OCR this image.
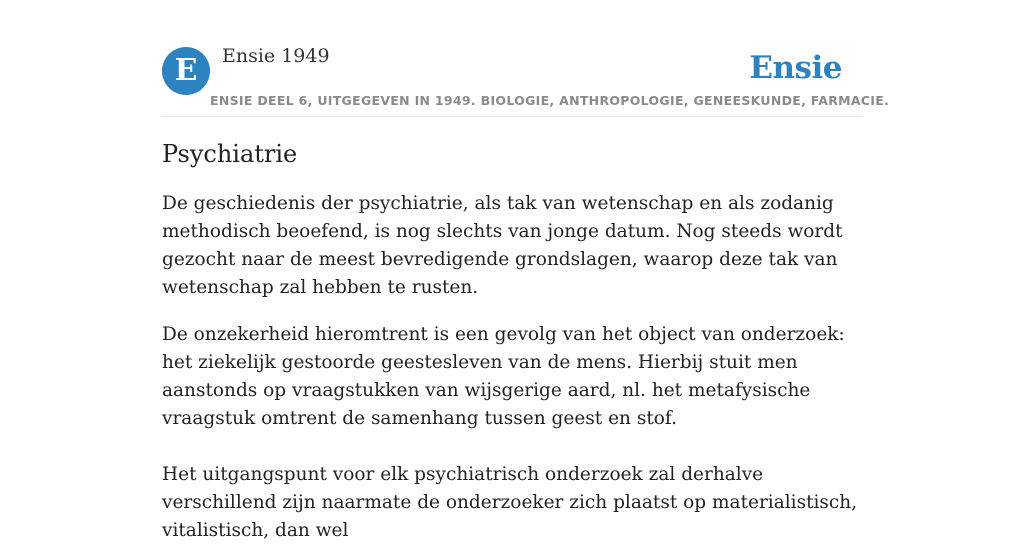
E	Ensie 1949	Ensie
ENSIE DEEL 6, UITGEGEVEN IN 1949. BIOLOGIE, ANTHROPOLOGIE, GENEESKUNDE, FARMACIE.
Psychiatrie

De geschiedenis der psychiatrie, als tak van wetenschap en als zodanig methodisch beoefend, is nog slechts van jonge datum. Nog steeds wordt gezocht naar de meest bevredigende grondslagen, waarop deze tak van wetenschap zal hebben te rusten.

De onzekerheid hieromtrent is een gevolg van het object van onderzoek: het ziekelijk gestoorde geestesleven van de mens. Hierbij stuit men aanstonds op vraagstukken van wijsgerige aard, nl. het metafysische vraagstuk omtrent de samenhang tussen geest en stof.

Het uitgangspunt voor elk psychiatrisch onderzoek zal derhalve verschillend zijn naarmate de onderzoeker zich plaatst op materialistisch, vitalistisch, dan wel
